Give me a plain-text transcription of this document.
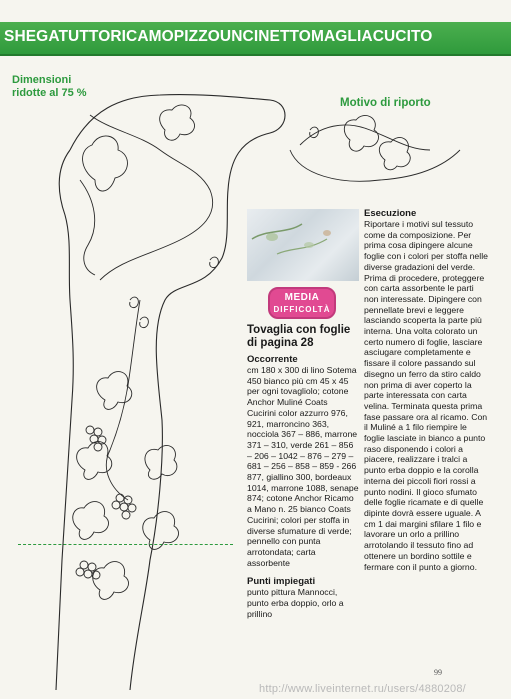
SHEGATUTTORICAMOPIZZOUNCINETTOMAGLIACUCITO
Dimensioni
ridotte al 75 %
Motivo di riporto
MEDIA
DIFFICOLTÀ
Tovaglia con foglie di pagina 28
Occorrente
cm 180 x 300 di lino Sotema 450 bianco più cm 45 x 45 per ogni tovagliolo; cotone Anchor Muliné Coats Cucirini color azzurro 976, 921, marroncino 363, nocciola 367 – 886, marrone 371 – 310, verde 261 – 856 – 206 – 1042 – 876 – 279 – 681 – 256 – 858 – 859 - 266 877, giallino 300, bordeaux 1014, marrone 1088, senape 874; cotone Anchor Ricamo a Mano n. 25 bianco Coats Cucirini; colori per stoffa in diverse sfumature di verde; pennello con punta arrotondata; carta assorbente
Punti impiegati
punto pittura Mannocci, punto erba doppio, orlo a prillino
Esecuzione
Riportare i motivi sul tessuto come da composizione. Per prima cosa dipingere alcune foglie con i colori per stoffa nelle diverse gradazioni del verde. Prima di procedere, proteggere con carta assorbente le parti non interessate. Dipingere con pennellate brevi e leggere lasciando scoperta la parte più interna. Una volta colorato un certo numero di foglie, lasciare asciugare completamente e fissare il colore passando sul disegno un ferro da stiro caldo non prima di aver coperto la parte interessata con carta velina. Terminata questa prima fase passare ora al ricamo. Con il Muliné a 1 filo riempire le foglie lasciate in bianco a punto raso disponendo i colori a piacere, realizzare i tralci a punto erba doppio e la corolla interna dei piccoli fiori rossi a punto nodini. Il gioco sfumato delle foglie ricamate e di quelle dipinte dovrà essere uguale. A cm 1 dai margini sfilare 1 filo e lavorare un orlo a prillino arrotolando il tessuto fino ad ottenere un bordino sottile e fermare con il punto a giorno.
99
http://www.liveinternet.ru/users/4880208/
